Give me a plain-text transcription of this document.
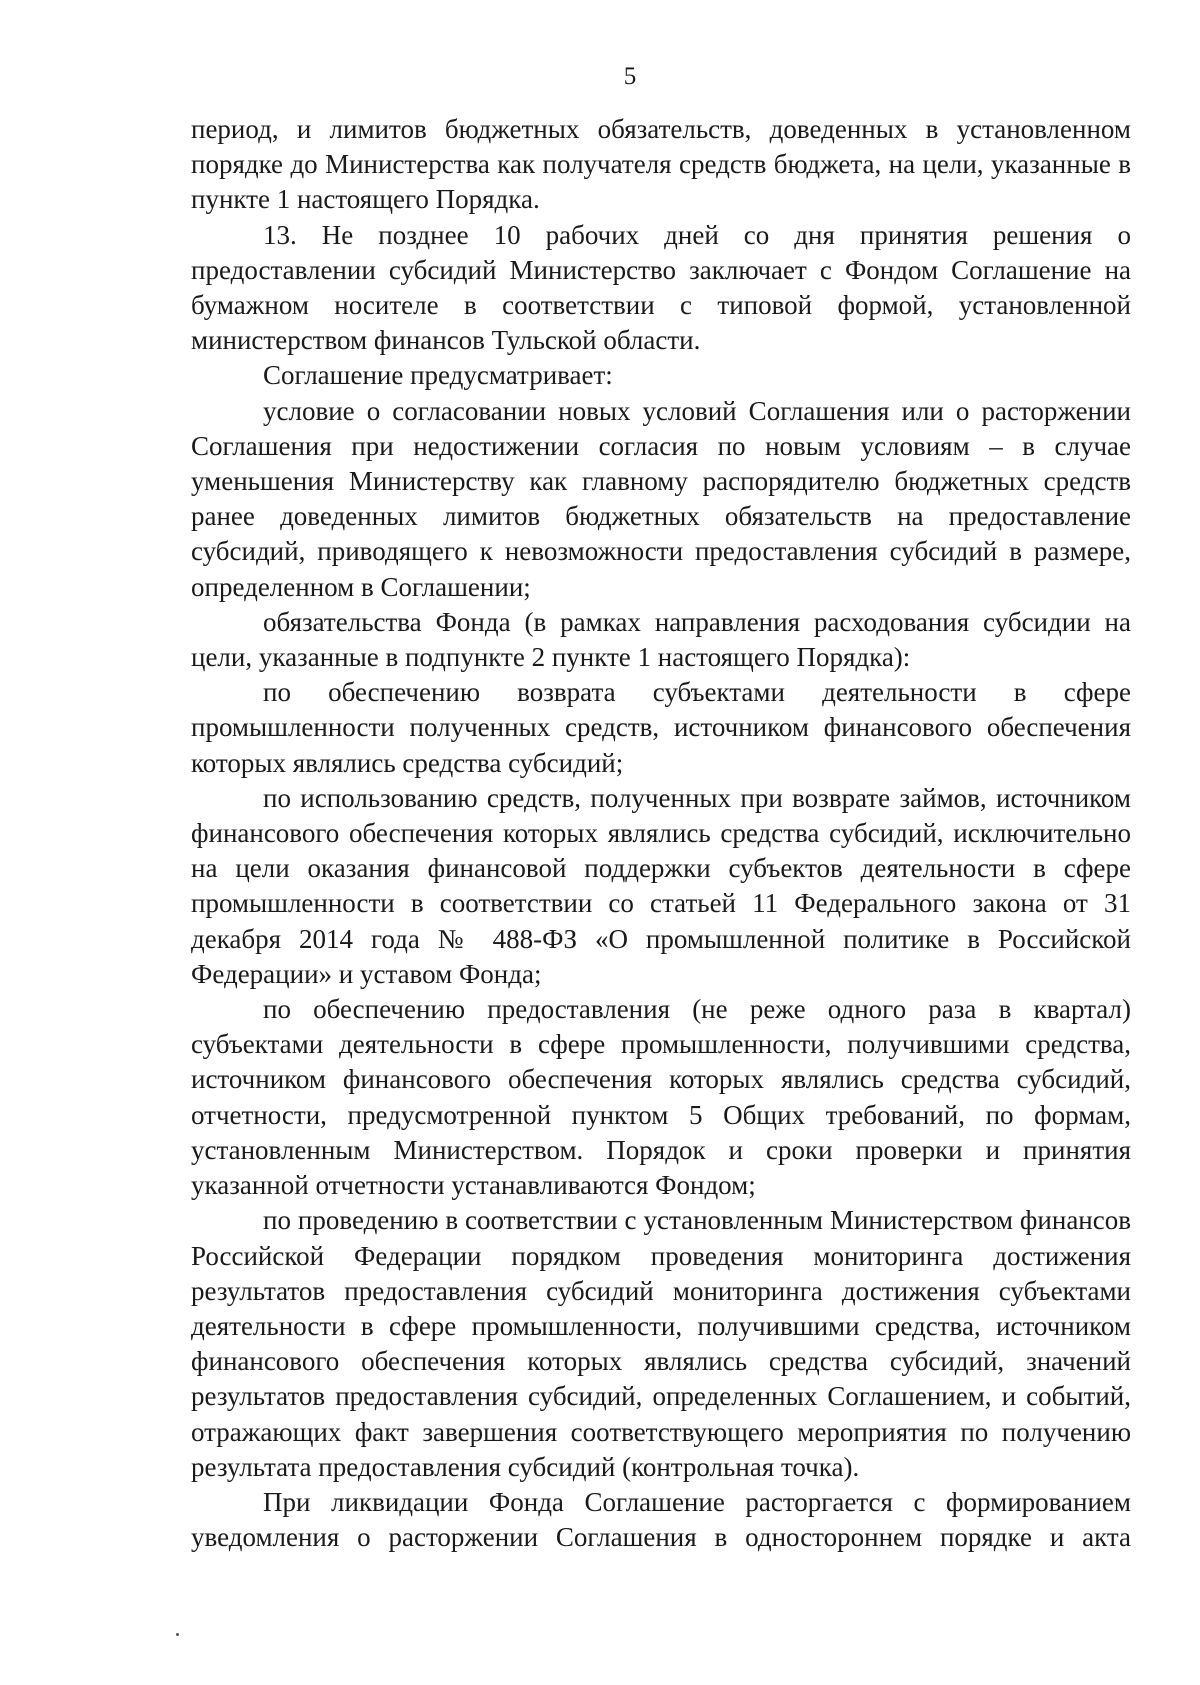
5

период, и лимитов бюджетных обязательств, доведенных в установленном порядке до Министерства как получателя средств бюджета, на цели, указанные в пункте 1 настоящего Порядка.

13. Не позднее 10 рабочих дней со дня принятия решения о предоставлении субсидий Министерство заключает с Фондом Соглашение на бумажном носителе в соответствии с типовой формой, установленной министерством финансов Тульской области.

Соглашение предусматривает:

условие о согласовании новых условий Соглашения или о расторжении Соглашения при недостижении согласия по новым условиям – в случае уменьшения Министерству как главному распорядителю бюджетных средств ранее доведенных лимитов бюджетных обязательств на предоставление субсидий, приводящего к невозможности предоставления субсидий в размере, определенном в Соглашении;

обязательства Фонда (в рамках направления расходования субсидии на цели, указанные в подпункте 2 пункте 1 настоящего Порядка):

по обеспечению возврата субъектами деятельности в сфере промышленности полученных средств, источником финансового обеспечения которых являлись средства субсидий;

по использованию средств, полученных при возврате займов, источником финансового обеспечения которых являлись средства субсидий, исключительно на цели оказания финансовой поддержки субъектов деятельности в сфере промышленности в соответствии со статьей 11 Федерального закона от 31 декабря 2014 года № 488-ФЗ «О промышленной политике в Российской Федерации» и уставом Фонда;

по обеспечению предоставления (не реже одного раза в квартал) субъектами деятельности в сфере промышленности, получившими средства, источником финансового обеспечения которых являлись средства субсидий, отчетности, предусмотренной пунктом 5 Общих требований, по формам, установленным Министерством. Порядок и сроки проверки и принятия указанной отчетности устанавливаются Фондом;

по проведению в соответствии с установленным Министерством финансов Российской Федерации порядком проведения мониторинга достижения результатов предоставления субсидий мониторинга достижения субъектами деятельности в сфере промышленности, получившими средства, источником финансового обеспечения которых являлись средства субсидий, значений результатов предоставления субсидий, определенных Соглашением, и событий, отражающих факт завершения соответствующего мероприятия по получению результата предоставления субсидий (контрольная точка).

При ликвидации Фонда Соглашение расторгается с формированием уведомления о расторжении Соглашения в одностороннем порядке и акта
